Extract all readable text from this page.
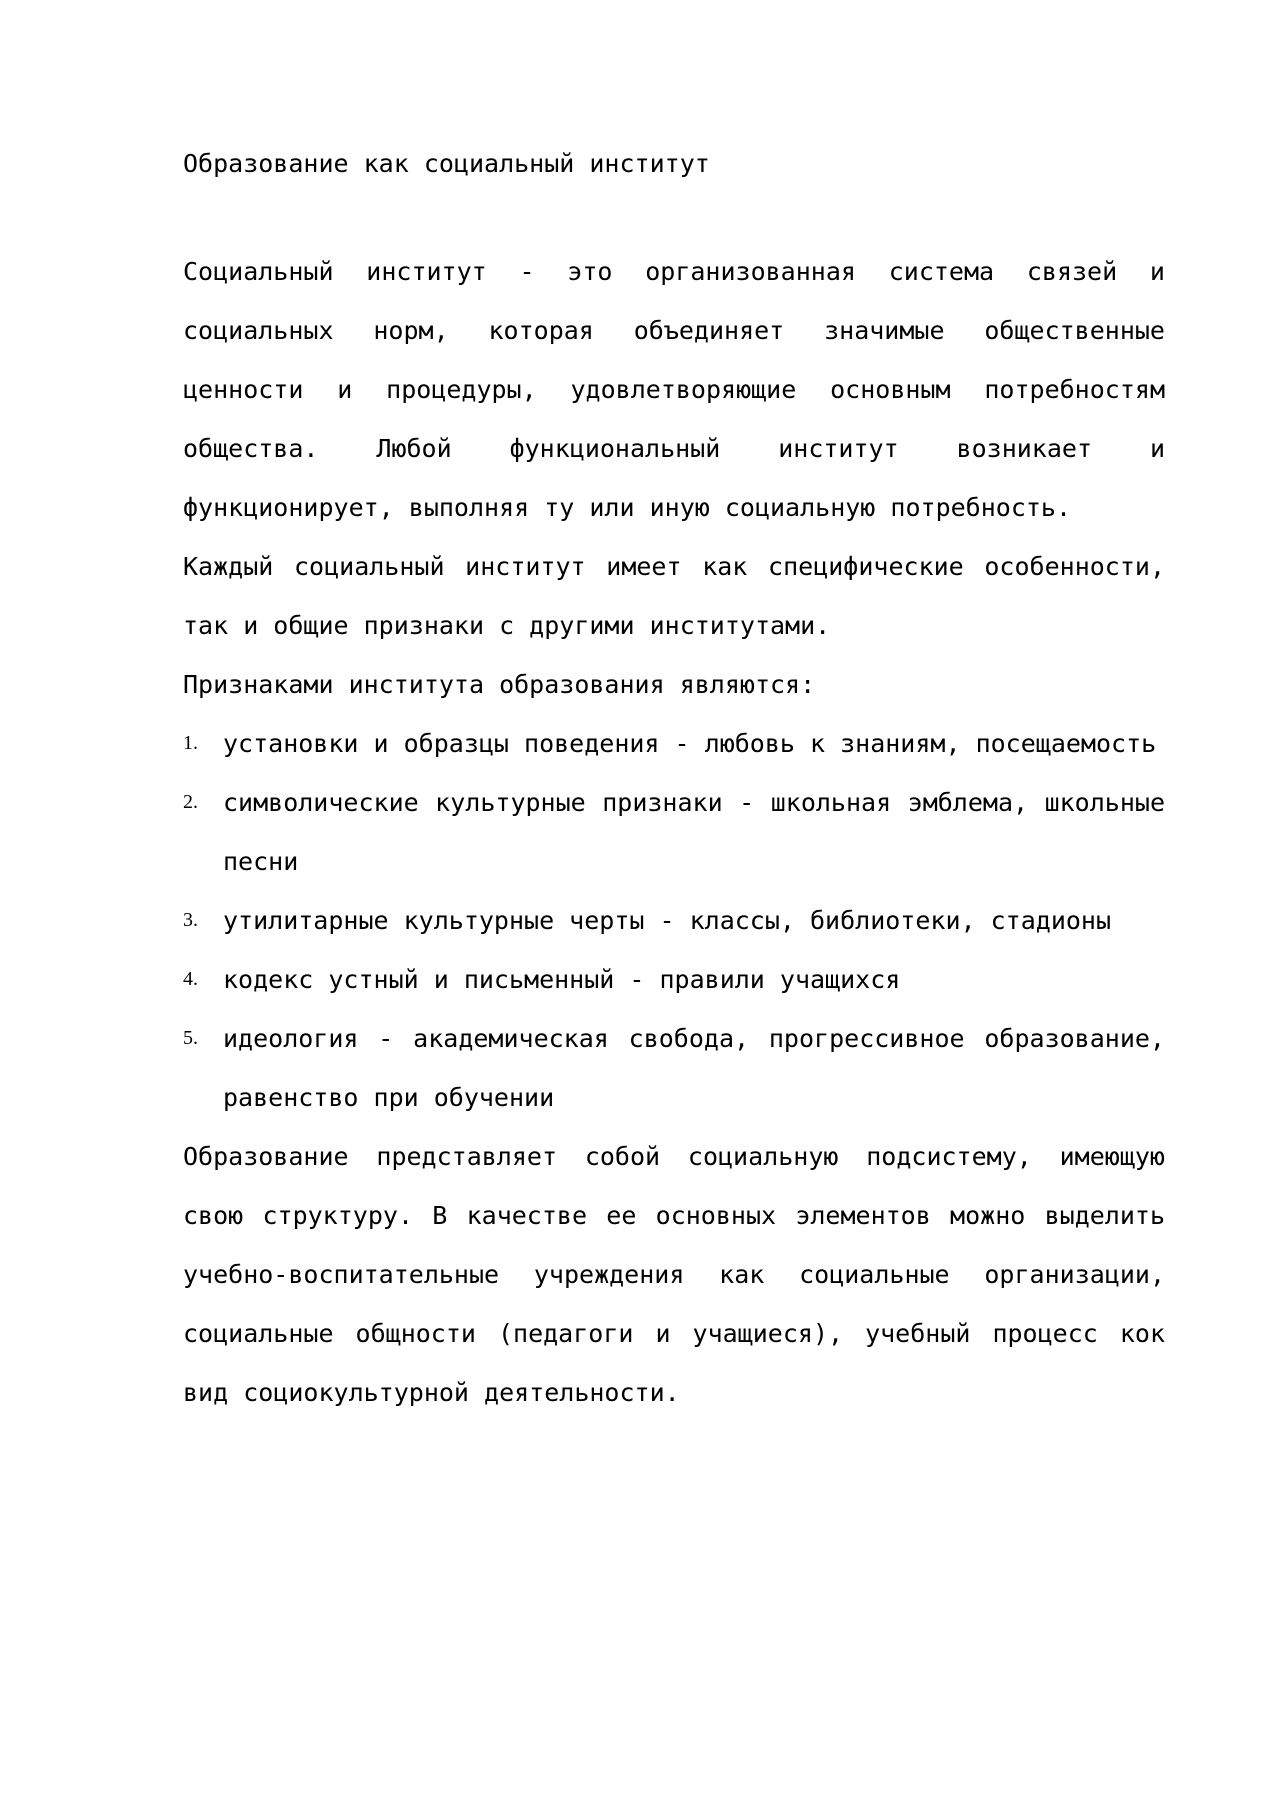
Образование как социальный институт

Социальный институт - это организованная система связей и социальных норм, которая объединяет значимые общественные ценности и процедуры, удовлетворяющие основным потребностям общества. Любой функциональный институт возникает и функционирует, выполняя ту или иную социальную потребность.

Каждый социальный институт имеет как специфические особенности, так и общие признаки с другими институтами.

Признаками института образования являются:

1. установки и образцы поведения - любовь к знаниям, посещаемость
2. символические культурные признаки - школьная эмблема, школьные песни
3. утилитарные культурные черты - классы, библиотеки, стадионы
4. кодекс устный и письменный - правили учащихся
5. идеология - академическая свобода, прогрессивное образование, равенство при обучении

Образование представляет собой социальную подсистему, имеющую свою структуру. В качестве ее основных элементов можно выделить учебно-воспитательные учреждения как социальные организации, социальные общности (педагоги и учащиеся), учебный процесс кок вид социокультурной деятельности.
